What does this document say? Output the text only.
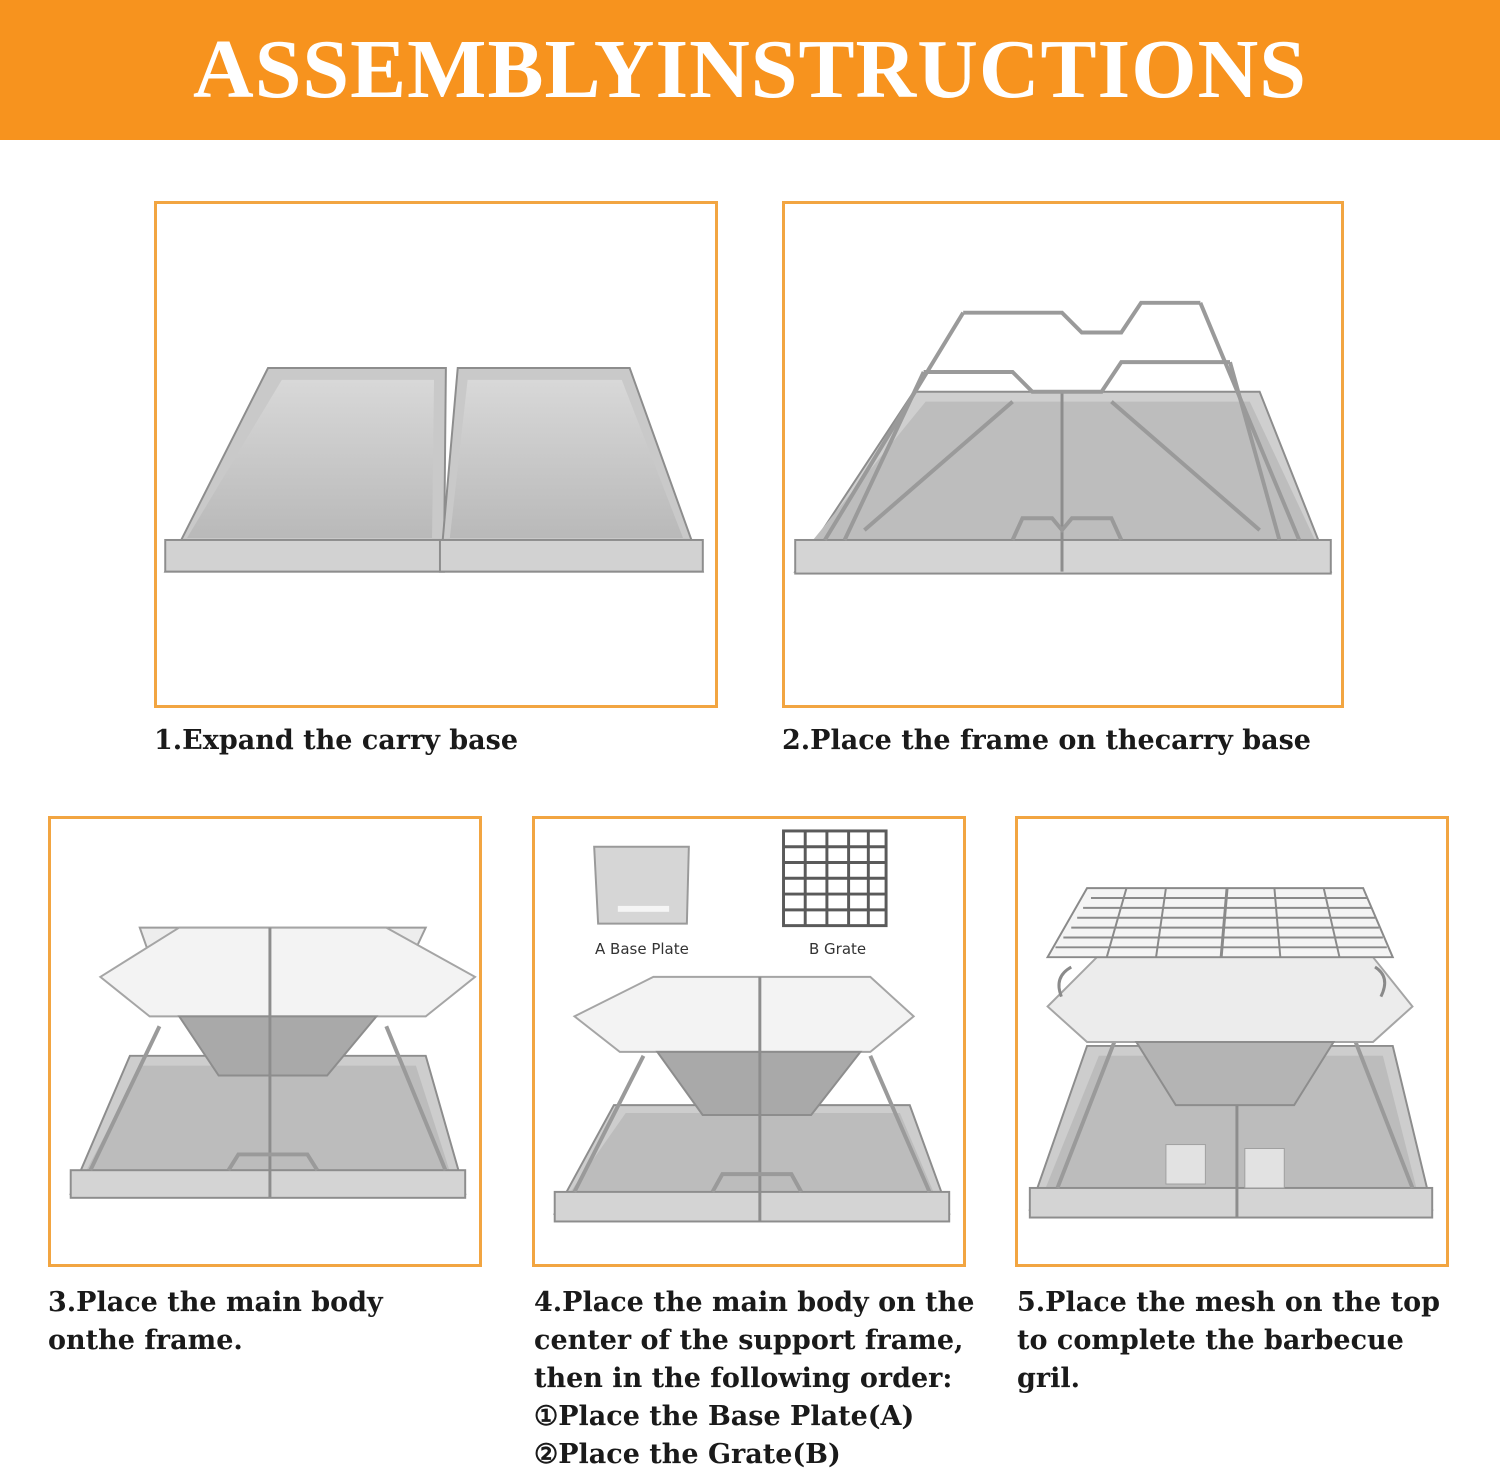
ASSEMBLYINSTRUCTIONS
1.Expand the carry base	2.Place the frame on thecarry base
3.Place the main body
onthe frame.
A Base Plate	B Grate
4.Place the main body on the
center of the support frame,
then in the following order:
①Place the Base Plate(A)
②Place the Grate(B)
5.Place the mesh on the top
to complete the barbecue
gril.
